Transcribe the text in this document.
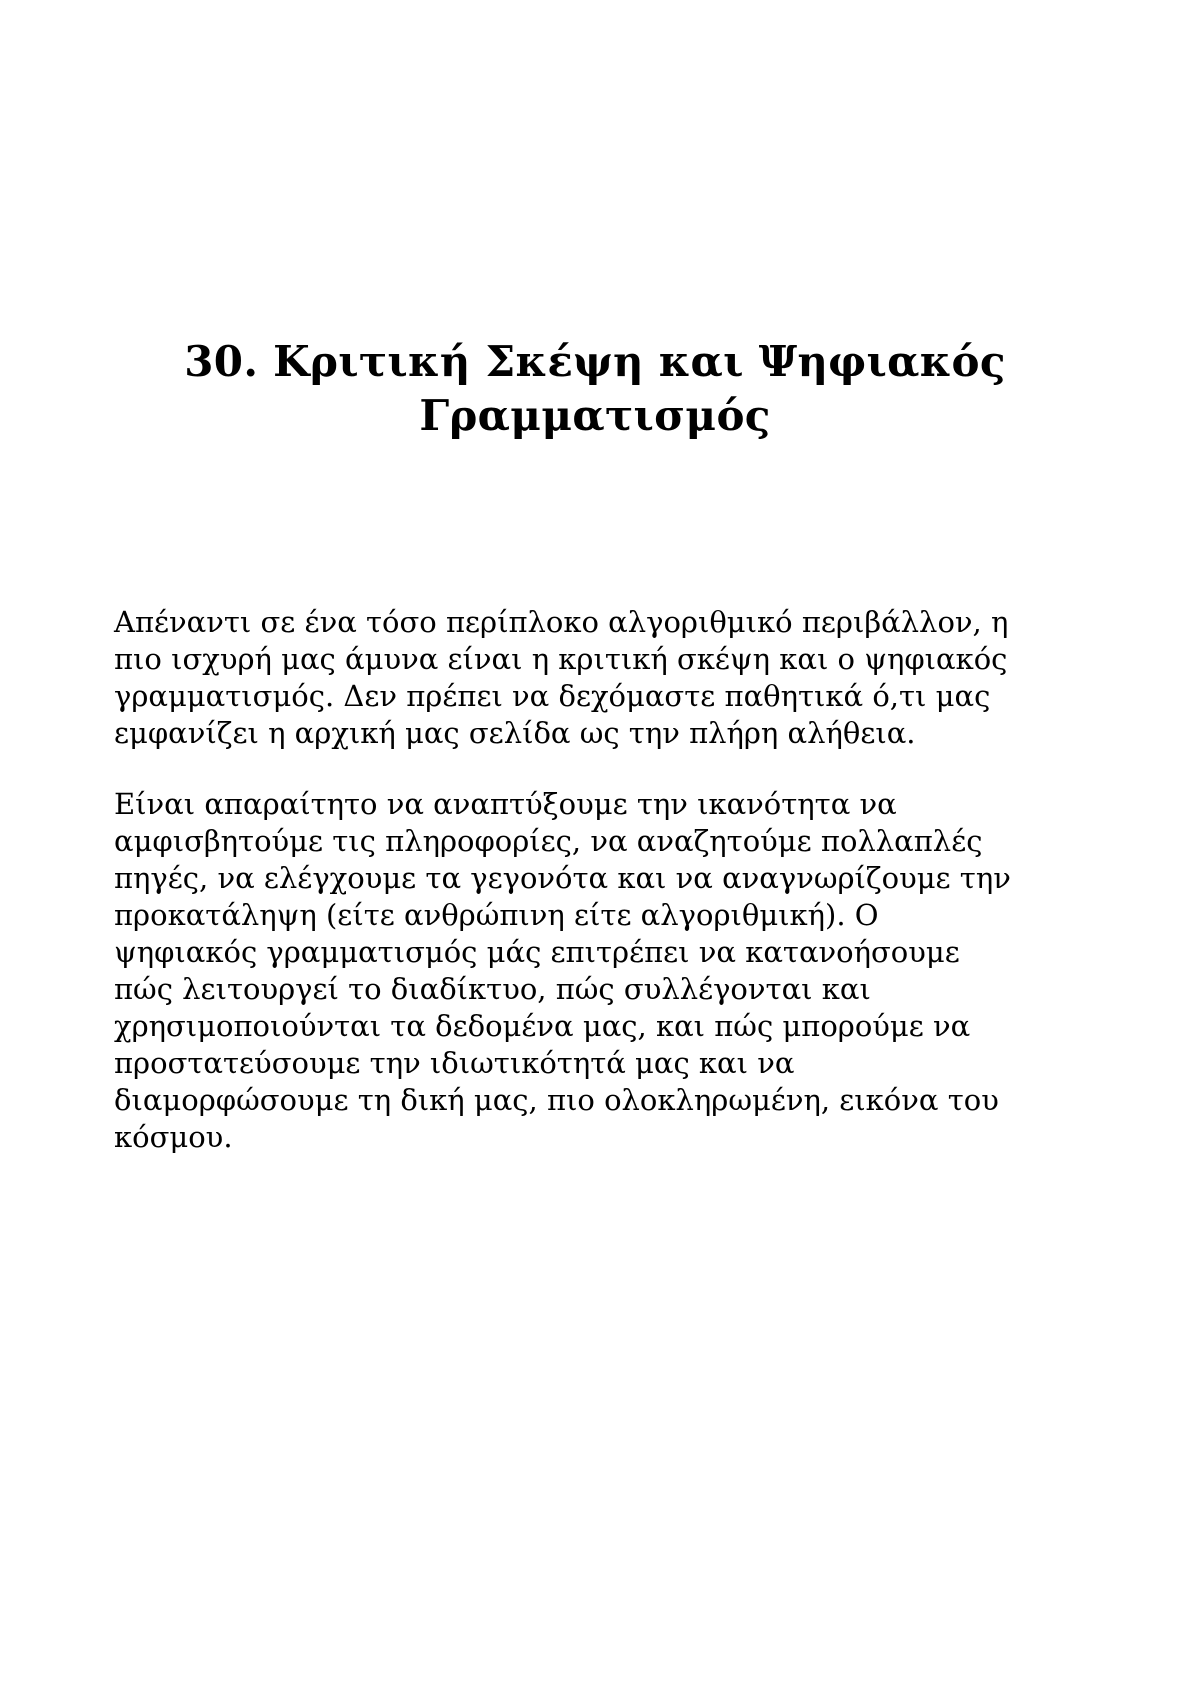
30. Κριτική Σκέψη και Ψηφιακός
Γραμματισμός

Απέναντι σε ένα τόσο περίπλοκο αλγοριθμικό περιβάλλον, η
πιο ισχυρή μας άμυνα είναι η κριτική σκέψη και ο ψηφιακός
γραμματισμός. Δεν πρέπει να δεχόμαστε παθητικά ό,τι μας
εμφανίζει η αρχική μας σελίδα ως την πλήρη αλήθεια.

Είναι απαραίτητο να αναπτύξουμε την ικανότητα να
αμφισβητούμε τις πληροφορίες, να αναζητούμε πολλαπλές
πηγές, να ελέγχουμε τα γεγονότα και να αναγνωρίζουμε την
προκατάληψη (είτε ανθρώπινη είτε αλγοριθμική). Ο
ψηφιακός γραμματισμός μάς επιτρέπει να κατανοήσουμε
πώς λειτουργεί το διαδίκτυο, πώς συλλέγονται και
χρησιμοποιούνται τα δεδομένα μας, και πώς μπορούμε να
προστατεύσουμε την ιδιωτικότητά μας και να
διαμορφώσουμε τη δική μας, πιο ολοκληρωμένη, εικόνα του
κόσμου.
